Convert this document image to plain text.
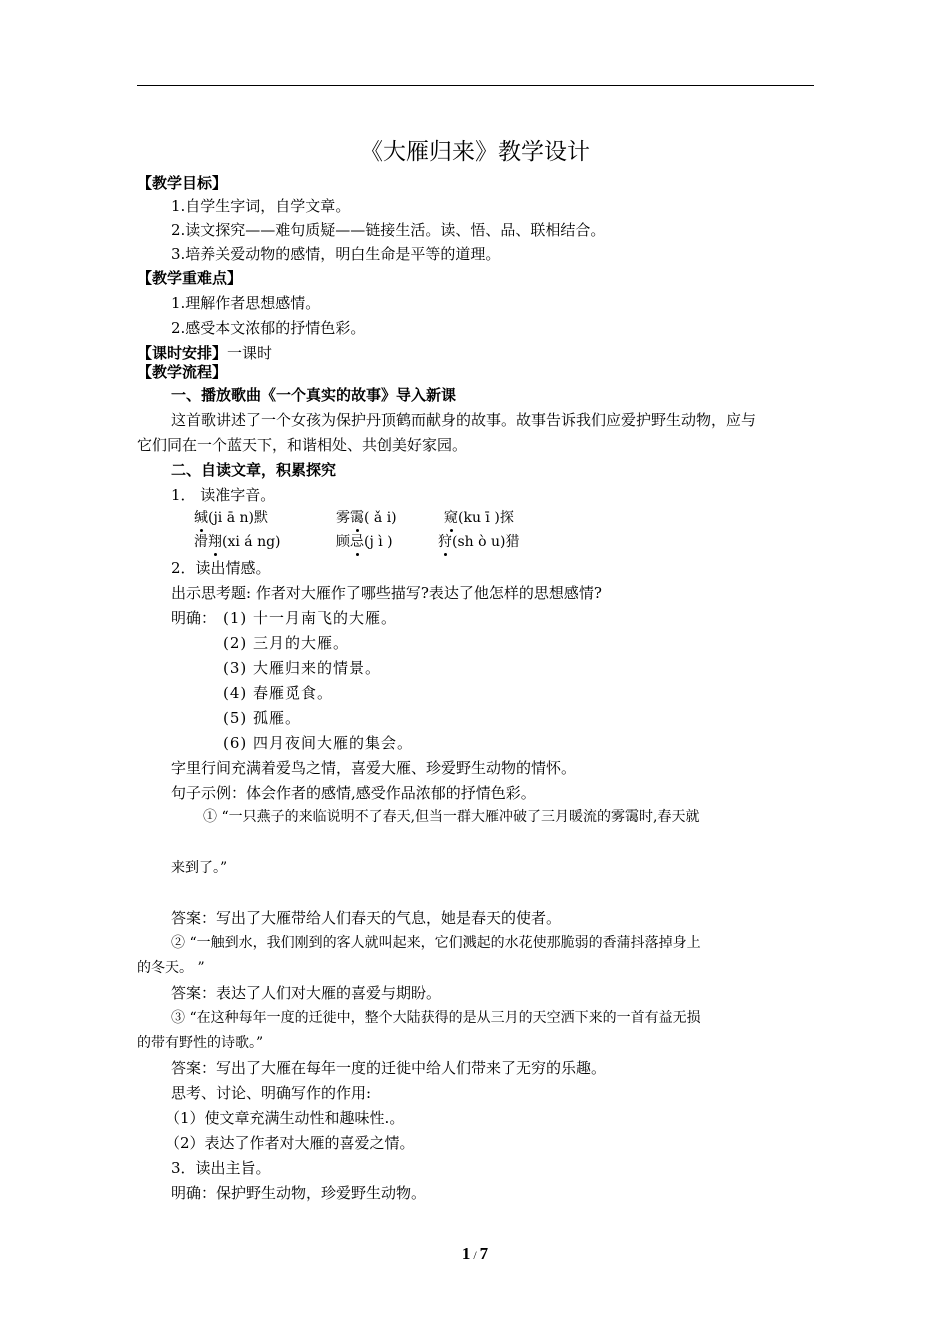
《大雁归来》教学设计
【教学目标】
1.自学生字词，自学文章。
2.读文探究——难句质疑——链接生活。读、悟、品、联相结合。
3.培养关爱动物的感情，明白生命是平等的道理。
【教学重难点】
1.理解作者思想感情。
2.感受本文浓郁的抒情色彩。
【课时安排】一课时
【教学流程】
一、播放歌曲《一个真实的故事》导入新课
这首歌讲述了一个女孩为保护丹顶鹤而献身的故事。故事告诉我们应爱护野生动物，应与
它们同在一个蓝天下，和谐相处、共创美好家园。
二、自读文章，积累探究
1． 读准字音。
缄(ji ā n)默	雾霭( ǎ i)	窥(ku ī )探
滑翔(xi á ng)	顾忌(j ì )	狩(sh ò u)猎
2．读出情感。
出示思考题: 作者对大雁作了哪些描写?表达了他怎样的思想感情?
明确： (1) 十一月南飞的大雁。
(2) 三月的大雁。
(3) 大雁归来的情景。
(4) 春雁觅食。
(5) 孤雁。
(6) 四月夜间大雁的集会。
字里行间充满着爱鸟之情，喜爱大雁、珍爱野生动物的情怀。
句子示例：体会作者的感情,感受作品浓郁的抒情色彩。
① “一只燕子的来临说明不了春天,但当一群大雁冲破了三月暖流的雾霭时,春天就
来到了。”
答案：写出了大雁带给人们春天的气息，她是春天的使者。
② “一触到水，我们刚到的客人就叫起来，它们溅起的水花使那脆弱的香蒲抖落掉身上
的冬天。 ”
答案：表达了人们对大雁的喜爱与期盼。
③ “在这种每年一度的迁徙中，整个大陆获得的是从三月的天空洒下来的一首有益无损
的带有野性的诗歌。”
答案：写出了大雁在每年一度的迁徙中给人们带来了无穷的乐趣。
思考、讨论、明确写作的作用:
（1）使文章充满生动性和趣味性.。
（2）表达了作者对大雁的喜爱之情。
3．读出主旨。
明确：保护野生动物，珍爱野生动物。
1 / 7
